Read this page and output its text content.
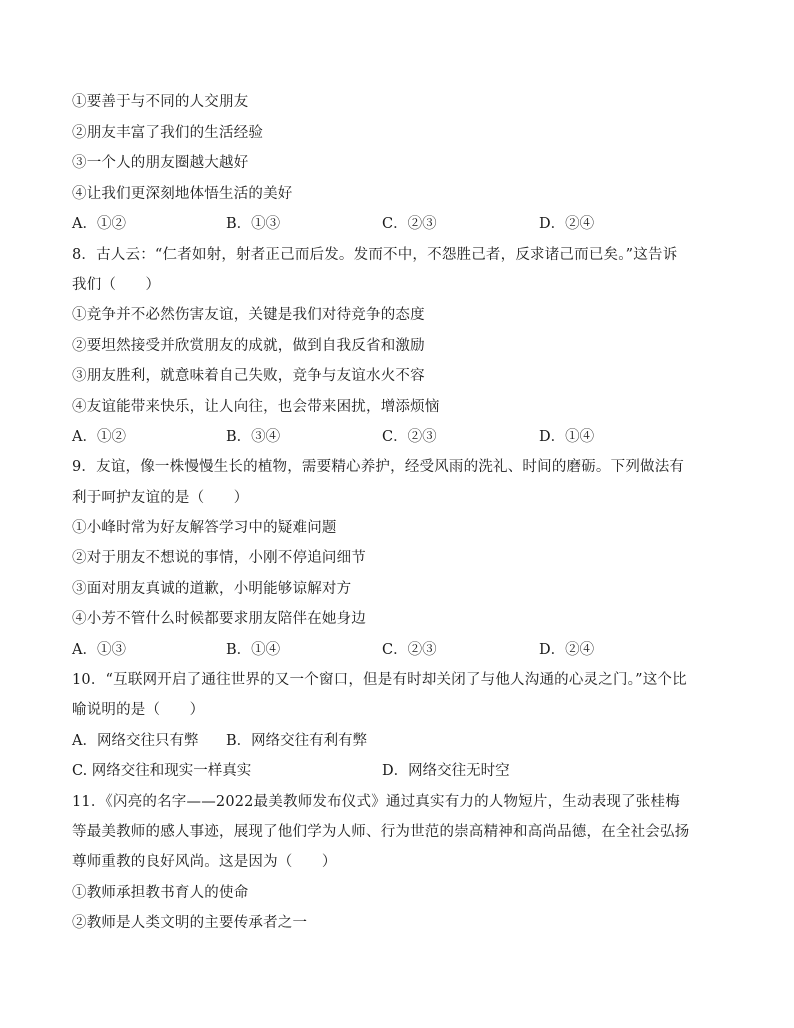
①要善于与不同的人交朋友
②朋友丰富了我们的生活经验
③一个人的朋友圈越大越好
④让我们更深刻地体悟生活的美好
A．①②	B．①③	C．②③	D．②④
8．古人云：“仁者如射，射者正己而后发。发而不中，不怨胜己者，反求诸己而已矣。”这告诉
我们（　　）
①竞争并不必然伤害友谊，关键是我们对待竞争的态度
②要坦然接受并欣赏朋友的成就，做到自我反省和激励
③朋友胜利，就意味着自己失败，竞争与友谊水火不容
④友谊能带来快乐，让人向往，也会带来困扰，增添烦恼
A．①②	B．③④	C．②③	D．①④
9．友谊，像一株慢慢生长的植物，需要精心养护，经受风雨的洗礼、时间的磨砺。下列做法有
利于呵护友谊的是（　　）
①小峰时常为好友解答学习中的疑难问题
②对于朋友不想说的事情，小刚不停追问细节
③面对朋友真诚的道歉，小明能够谅解对方
④小芳不管什么时候都要求朋友陪伴在她身边
A．①③	B．①④	C．②③	D．②④
10．“互联网开启了通往世界的又一个窗口，但是有时却关闭了与他人沟通的心灵之门。”这个比
喻说明的是（　　）
A．网络交往只有弊 B．网络交往有利有弊
C. 网络交往和现实一样真实	D．网络交往无时空
11．《闪亮的名字——2022最美教师发布仪式》通过真实有力的人物短片，生动表现了张桂梅
等最美教师的感人事迹，展现了他们学为人师、行为世范的崇高精神和高尚品德，在全社会弘扬
尊师重教的良好风尚。这是因为（　　）
①教师承担教书育人的使命
②教师是人类文明的主要传承者之一
